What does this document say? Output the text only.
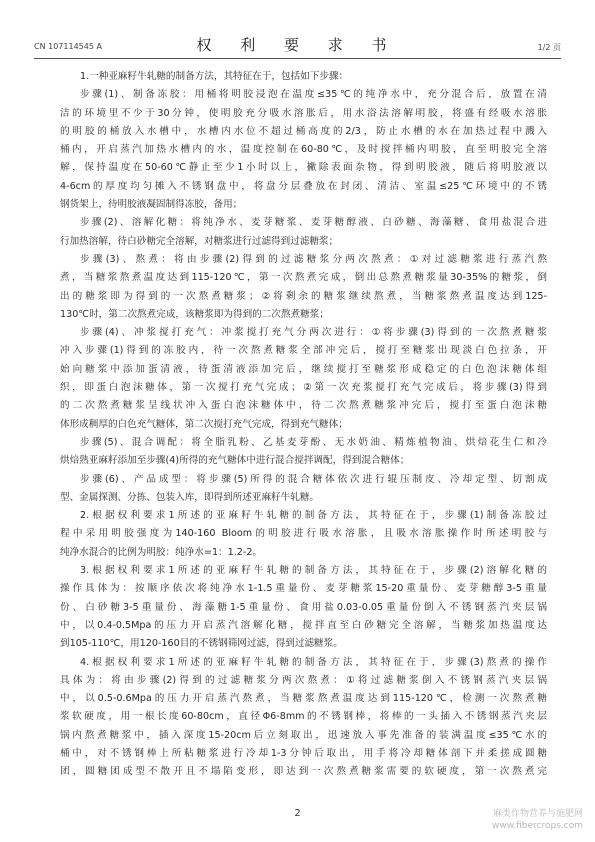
CN 107114545 A	权 利 要 求 书	1/2 页

1.一种亚麻籽牛轧糖的制备方法，其特征在于，包括如下步骤：

步骤(1)、制备冻胶：用桶将明胶浸泡在温度≤35℃的纯净水中，充分混合后，放置在清

洁的环境里不少于30分钟，使明胶充分吸水溶胀后，用水浴法溶解明胶，将盛有经吸水溶胀

的明胶的桶放入水槽中，水槽内水位不超过桶高度的2/3，防止水槽的水在加热过程中溅入

桶内，开启蒸汽加热水槽内的水，温度控制在60-80℃，及时搅拌桶内明胶，直至明胶完全溶

解，保持温度在50-60℃静止至少1小时以上，撇除表面杂物，得到明胶液，随后将明胶液以

4-6cm的厚度均匀摊入不锈钢盘中，将盘分层叠放在封闭、清洁、室温≤25℃环境中的不锈

钢货架上，待明胶液凝固制得冻胶，备用；

步骤(2)、溶解化糖：将纯净水、麦芽糖浆、麦芽糖醇液、白砂糖、海藻糖、食用盐混合进

行加热溶解，待白砂糖完全溶解，对糖浆进行过滤得到过滤糖浆；

步骤(3)、熬煮：将由步骤(2)得到的过滤糖浆分两次熬煮：①对过滤糖浆进行蒸汽熬

煮，当糖浆熬煮温度达到115-120℃，第一次熬煮完成，倒出总熬煮糖浆量30-35%的糖浆，倒

出的糖浆即为得到的一次熬煮糖浆；②将剩余的糖浆继续熬煮，当糖浆熬煮温度达到125-

130℃时，第二次熬煮完成，该糖浆即为得到的二次熬煮糖浆；

步骤(4)、冲浆搅打充气：冲浆搅打充气分两次进行：①将步骤(3)得到的一次熬煮糖浆

冲入步骤(1)得到的冻胶内，待一次熬煮糖浆全部冲完后，搅打至糖浆出现淡白色拉条，开

始向糖浆中添加蛋清液，待蛋清液添加完后，继续搅打至糖浆形成稳定的白色泡沫糖体组

织，即蛋白泡沫糖体，第一次搅打充气完成；②第一次充浆搅打充气完成后，将步骤(3)得到

的二次熬煮糖浆呈线状冲入蛋白泡沫糖体中，待二次熬煮糖浆冲完后，搅打至蛋白泡沫糖

体形成稠厚的白色充气糖体，第二次搅打充气完成，得到充气糖体；

步骤(5)、混合调配：将全脂乳粉、乙基麦芽酚、无水奶油、精炼植物油、烘焙花生仁和冷

烘焙熟亚麻籽添加至步骤(4)所得的充气糖体中进行混合搅拌调配，得到混合糖体；

步骤(6)、产品成型：将步骤(5)所得的混合糖体依次进行辊压制皮、冷却定型、切割成

型、金属探测、分拣、包装入库，即得到所述亚麻籽牛轧糖。

2.根据权利要求1所述的亚麻籽牛轧糖的制备方法，其特征在于，步骤(1)制备冻胶过

程中采用明胶强度为140-160 Bloom的明胶进行吸水溶胀，且吸水溶胀操作时所述明胶与

纯净水混合的比例为明胶：纯净水=1：1.2-2。

3.根据权利要求1所述的亚麻籽牛轧糖的制备方法，其特征在于，步骤(2)溶解化糖的

操作具体为：按顺序依次将纯净水1-1.5重量份、麦芽糖浆15-20重量份、麦芽糖醇3-5重量

份、白砂糖3-5重量份、海藻糖1-5重量份、食用盐0.03-0.05重量份倒入不锈钢蒸汽夹层锅

中，以0.4-0.5Mpa的压力开启蒸汽溶解化糖，搅拌直至白砂糖完全溶解，当糖浆加热温度达

到105-110℃，用120-160目的不锈钢筛网过滤，得到过滤糖浆。

4.根据权利要求1所述的亚麻籽牛轧糖的制备方法，其特征在于，步骤(3)熬煮的操作

具体为：将由步骤(2)得到的过滤糖浆分两次熬煮：①将过滤糖浆倒入不锈钢蒸汽夹层锅

中，以0.5-0.6Mpa的压力开启蒸汽熬煮，当糖浆熬煮温度达到115-120℃，检测一次熬煮糖

浆软硬度，用一根长度60-80cm，直径Φ6-8mm的不锈钢棒，将棒的一头插入不锈钢蒸汽夹层

锅内熬煮糖浆中，插入深度15-20cm后立刻取出，迅速放入事先准备的装满温度≤35℃水的

桶中，对不锈钢棒上所粘糖浆进行冷却1-3分钟后取出，用手将冷却糖体剖下并柔搓成圆糖

团，圆糖团成型不散开且不塌陷变形，即达到一次熬煮糖浆需要的软硬度，第一次熬煮完

2	麻类作物营养与施肥网
www.fibercrops.com
